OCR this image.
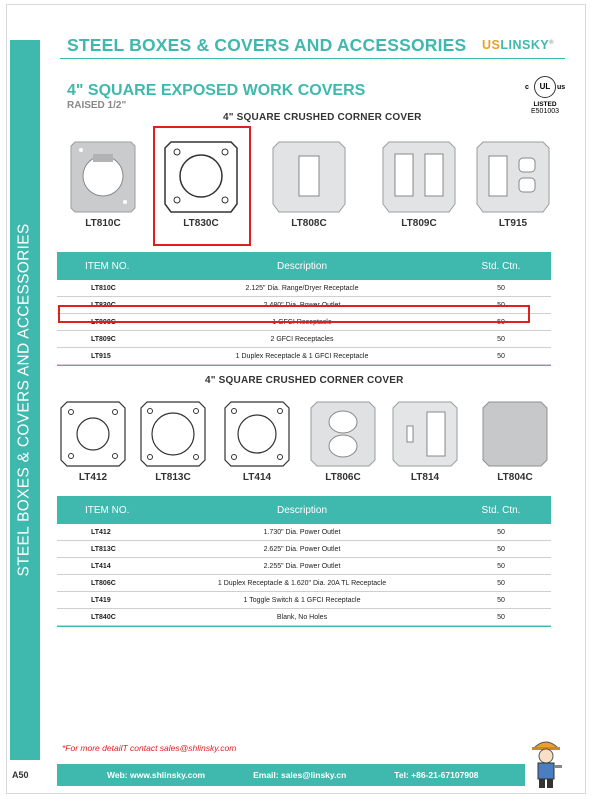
STEEL BOXES & COVERS AND ACCESSORIES
STEEL BOXES & COVERS AND ACCESSORIES USLINSKY®
4" SQUARE EXPOSED WORK COVERS
RAISED 1/2"
c	UL us
LISTED
E501003
4" SQUARE CRUSHED CORNER COVER
LT810C	LT830C	LT808C	LT809C	LT915
ITEM NO.	Description	Std. Ctn.
LT810C	2.125" Dia. Range/Dryer Receptacle	50
LT830C	2.480" Dia. Power Outlet	50
LT808C	1 GFCI Receptacle	50
LT809C	2 GFCI Receptacles	50
LT915	1 Duplex Receptacle & 1 GFCI Receptacle	50
4" SQUARE CRUSHED CORNER COVER
LT412	LT813C	LT414	LT806C	LT814	LT804C
ITEM NO.	Description	Std. Ctn.
LT412	1.730" Dia. Power Outlet	50
LT813C	2.625" Dia. Power Outlet	50
LT414	2.255" Dia. Power Outlet	50
LT806C	1 Duplex Receptacle & 1.620" Dia. 20A TL Receptacle	50
LT419	1 Toggle Switch & 1 GFCI Receptacle	50
LT840C	Blank, No Holes	50
*For more detailT contact sales@shlinsky.com
A50	Web: www.shlinsky.com	Email: sales@linsky.cn	Tel: +86-21-67107908
